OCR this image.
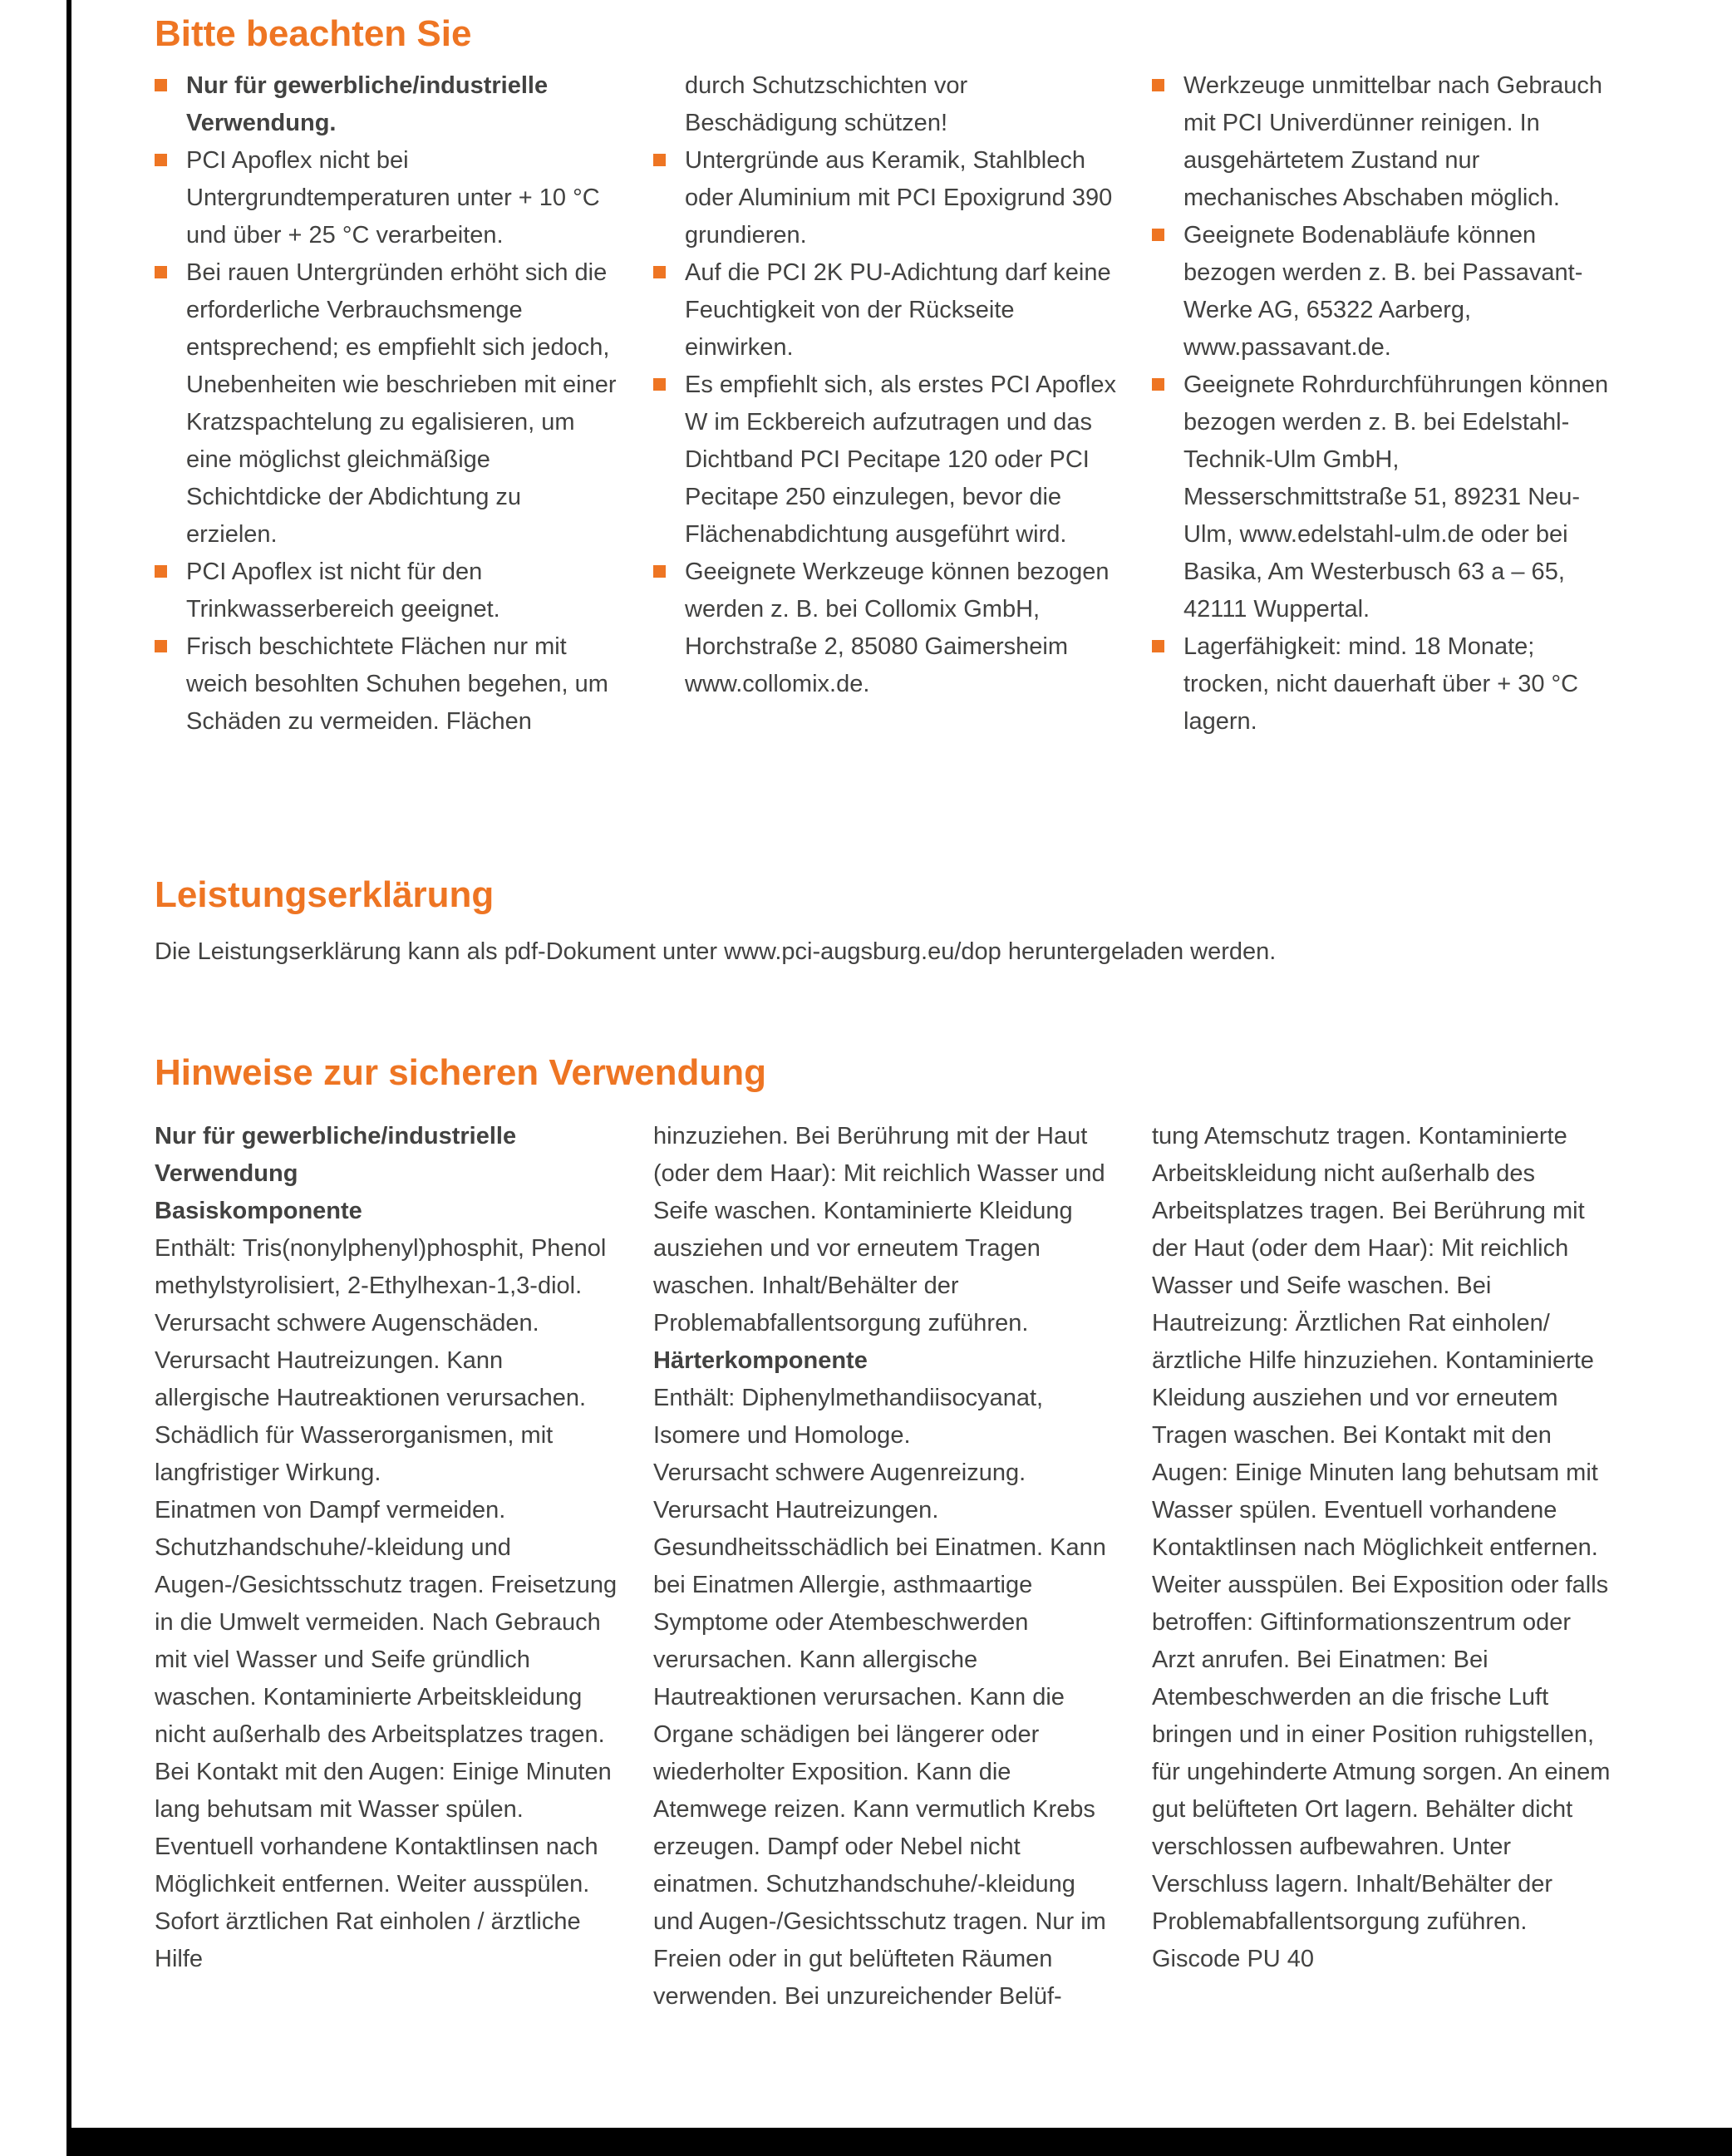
Bitte beachten Sie
Nur für gewerbliche/industrielle Verwendung.
PCI Apoflex nicht bei Untergrundtemperaturen unter + 10 °C und über + 25 °C verarbeiten.
Bei rauen Untergründen erhöht sich die erforderliche Verbrauchsmenge entsprechend; es empfiehlt sich jedoch, Unebenheiten wie beschrieben mit einer Kratzspachtelung zu egalisieren, um eine möglichst gleichmäßige Schichtdicke der Abdichtung zu erzielen.
PCI Apoflex ist nicht für den Trinkwasserbereich geeignet.
Frisch beschichtete Flächen nur mit weich besohlten Schuhen begehen, um Schäden zu vermeiden. Flächen
durch Schutzschichten vor Beschädigung schützen!
Untergründe aus Keramik, Stahlblech oder Aluminium mit PCI Epoxigrund 390 grundieren.
Auf die PCI 2K PU-Adichtung darf keine Feuchtigkeit von der Rückseite einwirken.
Es empfiehlt sich, als erstes PCI Apoflex W im Eckbereich aufzutragen und das Dichtband PCI Pecitape 120 oder PCI Pecitape 250 einzulegen, bevor die Flächenabdichtung ausgeführt wird.
Geeignete Werkzeuge können bezogen werden z. B. bei Collomix GmbH, Horchstraße 2, 85080 Gaimersheim www.collomix.de.
Werkzeuge unmittelbar nach Gebrauch mit PCI Univerdünner reinigen. In ausgehärtetem Zustand nur mechanisches Abschaben möglich.
Geeignete Bodenabläufe können bezogen werden z. B. bei Passavant-Werke AG, 65322 Aarberg, www.passavant.de.
Geeignete Rohrdurchführungen können bezogen werden z. B. bei Edelstahl-Technik-Ulm GmbH, Messerschmittstraße 51, 89231 Neu-Ulm, www.edelstahl-ulm.de oder bei Basika, Am Westerbusch 63 a – 65, 42111 Wuppertal.
Lagerfähigkeit: mind. 18 Monate; trocken, nicht dauerhaft über + 30 °C lagern.
Leistungserklärung

Die Leistungserklärung kann als pdf-Dokument unter www.pci-augsburg.eu/dop heruntergeladen werden.

Hinweise zur sicheren Verwendung

Nur für gewerbliche/industrielle Verwendung

Basiskomponente

Enthält: Tris(nonylphenyl)phosphit, Phenol methylstyrolisiert, 2-Ethylhexan-1,3-diol.

Verursacht schwere Augenschäden. Verursacht Hautreizungen. Kann allergische Hautreaktionen verursachen. Schädlich für Wasserorganismen, mit langfristiger Wirkung.

Einatmen von Dampf vermeiden. Schutzhandschuhe/-kleidung und Augen-/Gesichtsschutz tragen. Freisetzung in die Umwelt vermeiden. Nach Gebrauch mit viel Wasser und Seife gründlich waschen. Kontaminierte Arbeitskleidung nicht außerhalb des Arbeitsplatzes tragen. Bei Kontakt mit den Augen: Einige Minuten lang behutsam mit Wasser spülen. Eventuell vorhandene Kontaktlinsen nach Möglichkeit entfernen. Weiter ausspülen. Sofort ärztlichen Rat einholen / ärztliche Hilfe

hinzuziehen. Bei Berührung mit der Haut (oder dem Haar): Mit reichlich Wasser und Seife waschen. Kontaminierte Kleidung ausziehen und vor erneutem Tragen waschen. Inhalt/Behälter der Problemabfallentsorgung zuführen.

Härterkomponente

Enthält: Diphenylmethandiisocyanat, Isomere und Homologe.

Verursacht schwere Augenreizung. Verursacht Hautreizungen. Gesundheitsschädlich bei Einatmen. Kann bei Einatmen Allergie, asthmaartige Symptome oder Atembeschwerden verursachen. Kann allergische Hautreaktionen verursachen. Kann die Organe schädigen bei längerer oder wiederholter Exposition. Kann die Atemwege reizen. Kann vermutlich Krebs erzeugen. Dampf oder Nebel nicht einatmen. Schutzhandschuhe/-kleidung und Augen-/Gesichtsschutz tragen. Nur im Freien oder in gut belüfteten Räumen verwenden. Bei unzureichender Belüf-

tung Atemschutz tragen. Kontaminierte Arbeitskleidung nicht außerhalb des Arbeitsplatzes tragen. Bei Berührung mit der Haut (oder dem Haar): Mit reichlich Wasser und Seife waschen. Bei Hautreizung: Ärztlichen Rat einholen/ärztliche Hilfe hinzuziehen. Kontaminierte Kleidung ausziehen und vor erneutem Tragen waschen. Bei Kontakt mit den Augen: Einige Minuten lang behutsam mit Wasser spülen. Eventuell vorhandene Kontaktlinsen nach Möglichkeit entfernen. Weiter ausspülen. Bei Exposition oder falls betroffen: Giftinformationszentrum oder Arzt anrufen. Bei Einatmen: Bei Atembeschwerden an die frische Luft bringen und in einer Position ruhigstellen, für ungehinderte Atmung sorgen. An einem gut belüfteten Ort lagern. Behälter dicht verschlossen aufbewahren. Unter Verschluss lagern. Inhalt/Behälter der Problemabfallentsorgung zuführen.

Giscode PU 40
